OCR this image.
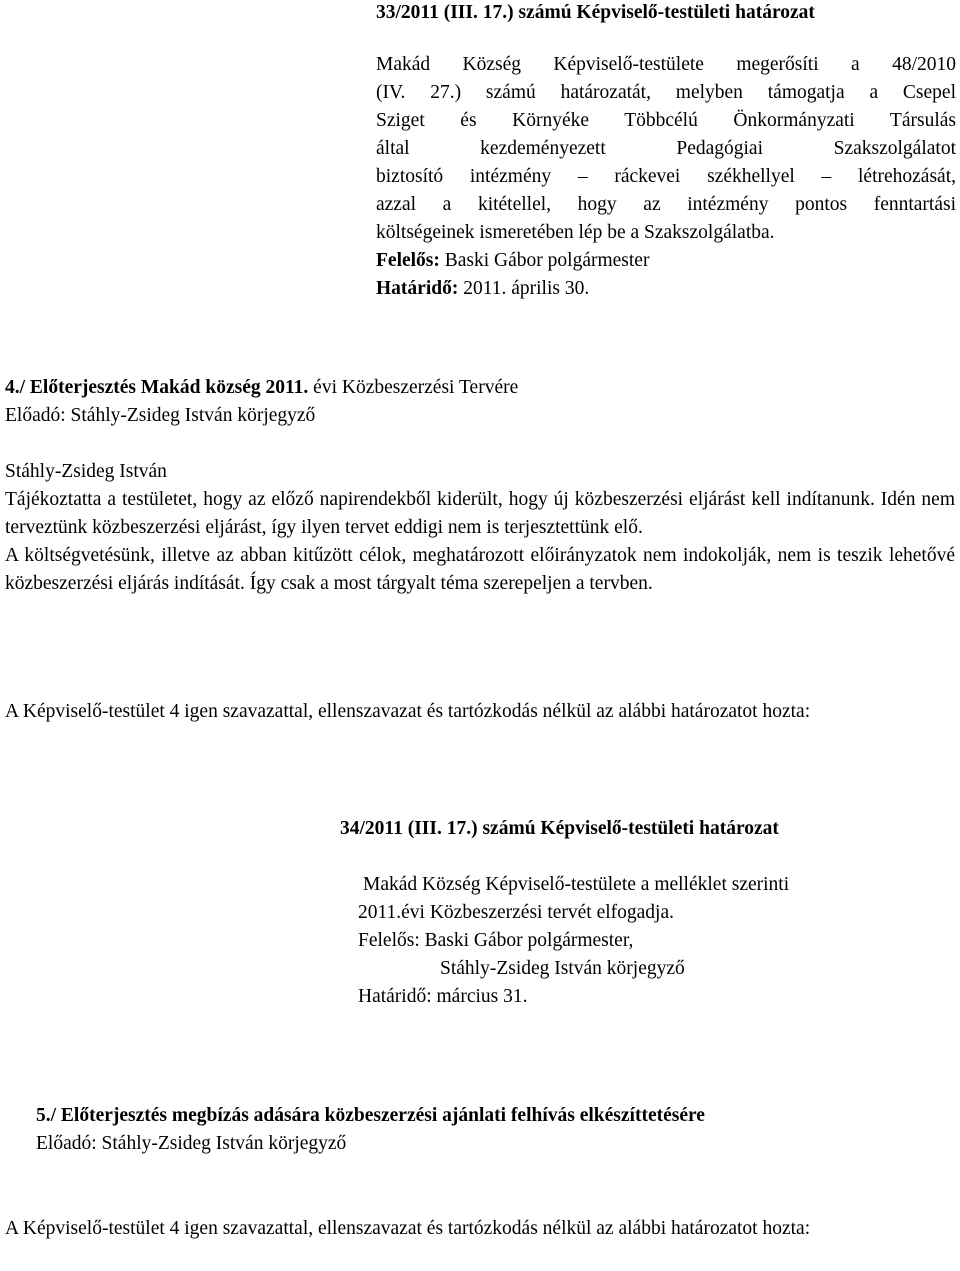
33/2011 (III. 17.) számú Képviselő-testületi határozat

Makád Község Képviselő-testülete megerősíti a 48/2010

(IV. 27.) számú határozatát, melyben támogatja a Csepel

Sziget és Környéke Többcélú Önkormányzati Társulás

által kezdeményezett Pedagógiai Szakszolgálatot

biztosító intézmény – ráckevei székhellyel – létrehozását,

azzal a kitétellel, hogy az intézmény pontos fenntartási

költségeinek ismeretében lép be a Szakszolgálatba.

Felelős: Baski Gábor polgármester

Határidő: 2011. április 30.

4./ Előterjesztés Makád község 2011. évi Közbeszerzési Tervére

Előadó: Stáhly-Zsideg István körjegyző

Stáhly-Zsideg István

Tájékoztatta a testületet, hogy az előző napirendekből kiderült, hogy új közbeszerzési eljárást kell indítanunk. Idén nem terveztünk közbeszerzési eljárást, így ilyen tervet eddigi nem is terjesztettünk elő.

A költségvetésünk, illetve az abban kitűzött célok, meghatározott előirányzatok nem indokolják, nem is teszik lehetővé közbeszerzési eljárás indítását. Így csak a most tárgyalt téma szerepeljen a tervben.

A Képviselő-testület 4 igen szavazattal, ellenszavazat és tartózkodás nélkül az alábbi határozatot hozta:
34/2011 (III. 17.) számú Képviselő-testületi határozat

Makád Község Képviselő-testülete a melléklet szerinti

2011.évi Közbeszerzési tervét elfogadja.

Felelős: Baski Gábor polgármester,

Stáhly-Zsideg István körjegyző

Határidő: március 31.

5./ Előterjesztés megbízás adására közbeszerzési ajánlati felhívás elkészíttetésére

Előadó: Stáhly-Zsideg István körjegyző

A Képviselő-testület 4 igen szavazattal, ellenszavazat és tartózkodás nélkül az alábbi határozatot hozta:
